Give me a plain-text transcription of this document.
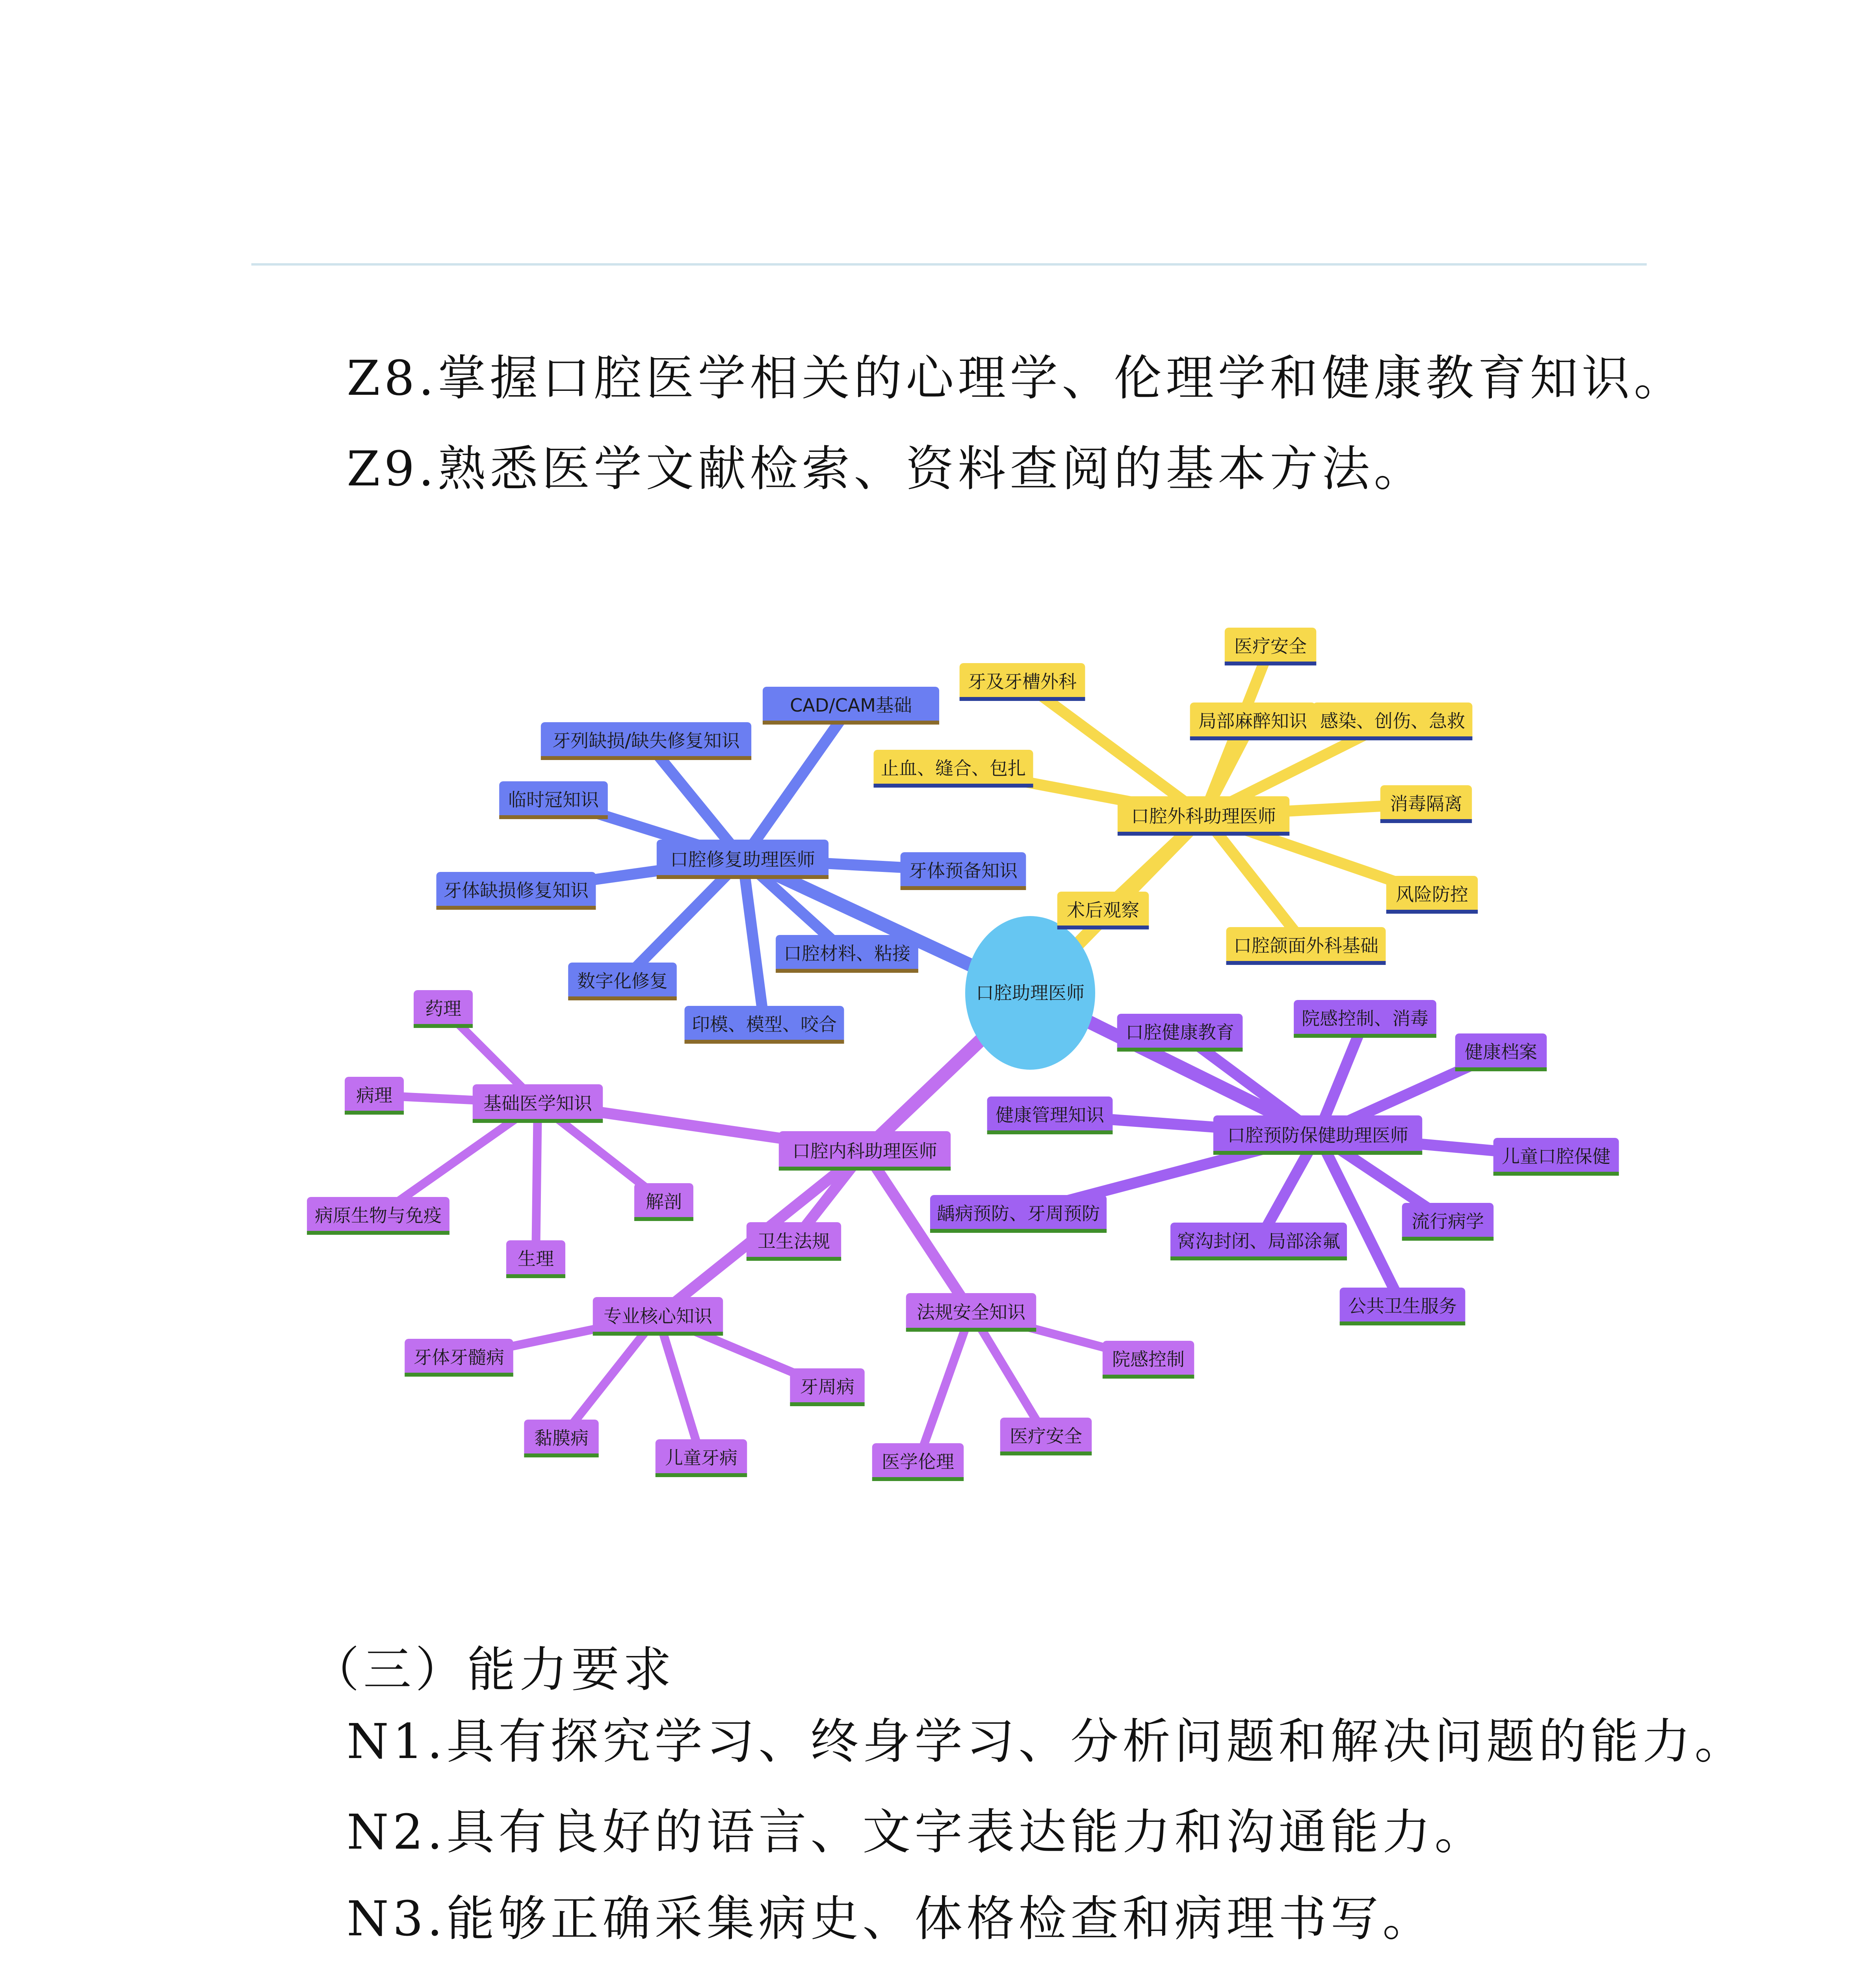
Z8.掌握口腔医学相关的心理学、伦理学和健康教育知识。
Z9.熟悉医学文献检索、资料查阅的基本方法。
口腔助理医师
口腔修复助理医师
CAD/CAM基础
牙列缺损/缺失修复知识
临时冠知识
牙体缺损修复知识
数字化修复
印模、模型、咬合
口腔材料、粘接
牙体预备知识
口腔外科助理医师
牙及牙槽外科
局部麻醉知识
医疗安全
感染、创伤、急救
止血、缝合、包扎
消毒隔离
风险防控
口腔颌面外科基础
术后观察
口腔预防保健助理医师
口腔健康教育
院感控制、消毒
健康档案
儿童口腔保健
流行病学
公共卫生服务
窝沟封闭、局部涂氟
龋病预防、牙周预防
健康管理知识
口腔内科助理医师
基础医学知识
药理
病理
病原生物与免疫
生理
解剖
专业核心知识
牙体牙髓病
黏膜病
儿童牙病
牙周病
卫生法规
法规安全知识
医学伦理
医疗安全
院感控制
（三）能力要求
N1.具有探究学习、终身学习、分析问题和解决问题的能力。
N2.具有良好的语言、文字表达能力和沟通能力。
N3.能够正确采集病史、体格检查和病理书写。
